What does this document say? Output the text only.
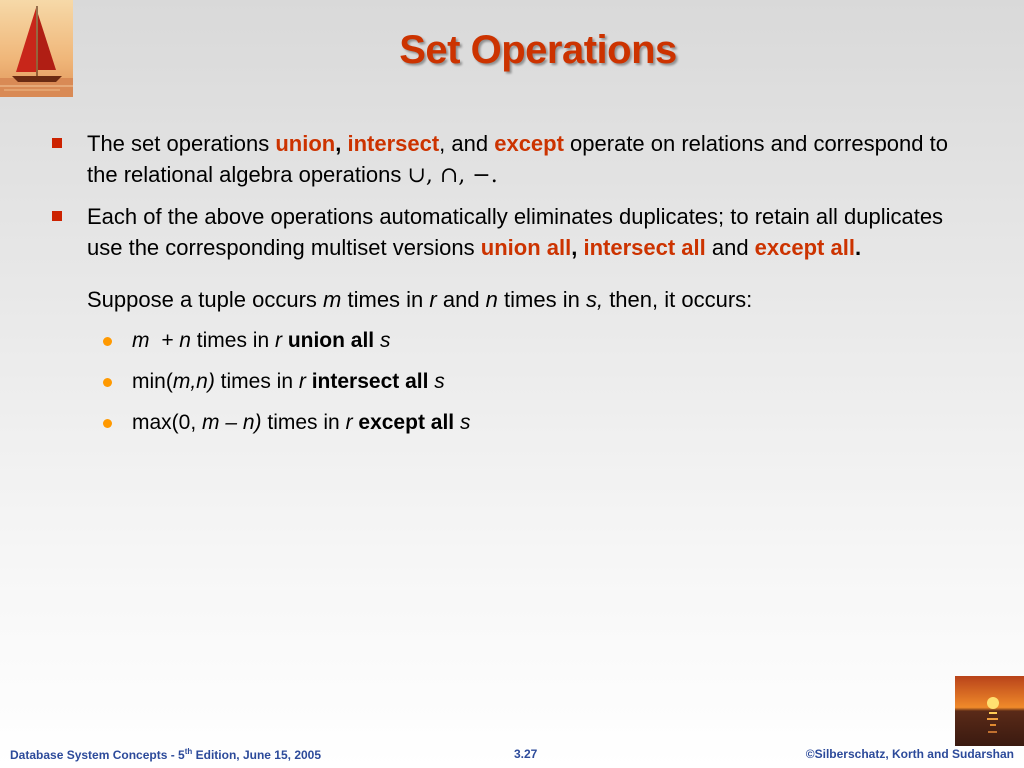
Set Operations
The set operations union, intersect, and except operate on relations and correspond to the relational algebra operations ∪, ∩, −.
Each of the above operations automatically eliminates duplicates; to retain all duplicates use the corresponding multiset versions union all, intersect all and except all.
Suppose a tuple occurs m times in r and n times in s, then, it occurs:
m  + n times in r union all s
min(m,n) times in r intersect all s
max(0, m – n) times in r except all s
Database System Concepts - 5th Edition, June 15, 2005	3.27	©Silberschatz, Korth and Sudarshan
